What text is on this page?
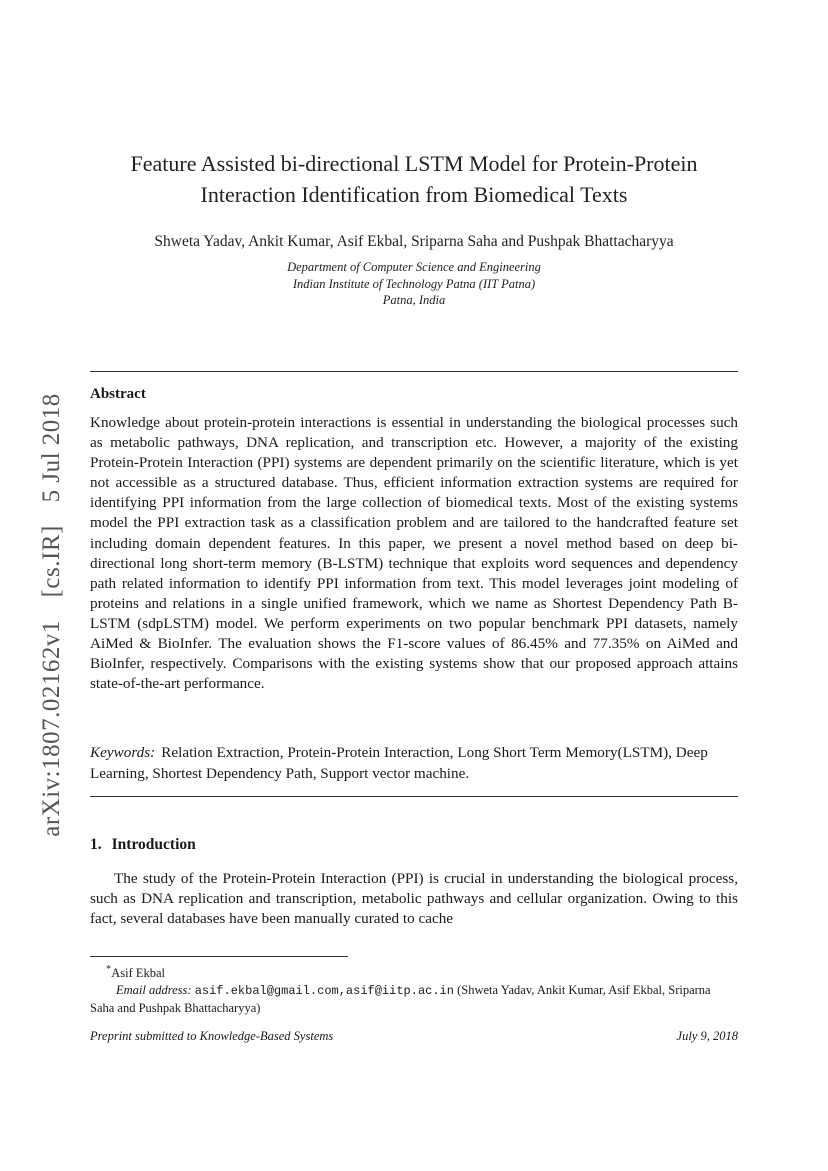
arXiv:1807.02162v1 [cs.IR] 5 Jul 2018
Feature Assisted bi-directional LSTM Model for Protein-Protein
Interaction Identification from Biomedical Texts
Shweta Yadav, Ankit Kumar, Asif Ekbal, Sriparna Saha and Pushpak Bhattacharyya
Department of Computer Science and Engineering
Indian Institute of Technology Patna (IIT Patna)
Patna, India
Abstract
Knowledge about protein-protein interactions is essential in understanding the biological processes such as metabolic pathways, DNA replication, and transcription etc. However, a majority of the existing Protein-Protein Interaction (PPI) systems are dependent primarily on the scientific literature, which is yet not accessible as a structured database. Thus, efficient information extraction systems are required for identifying PPI information from the large collection of biomedical texts. Most of the existing systems model the PPI extraction task as a classification problem and are tailored to the handcrafted feature set including domain dependent features. In this paper, we present a novel method based on deep bi-directional long short-term memory (B-LSTM) technique that exploits word sequences and dependency path related information to identify PPI information from text. This model leverages joint modeling of proteins and relations in a single unified framework, which we name as Shortest Dependency Path B-LSTM (sdpLSTM) model. We perform experiments on two popular benchmark PPI datasets, namely AiMed & BioInfer. The evaluation shows the F1-score values of 86.45% and 77.35% on AiMed and BioInfer, respectively. Comparisons with the existing systems show that our proposed approach attains state-of-the-art performance.
Keywords: Relation Extraction, Protein-Protein Interaction, Long Short Term Memory(LSTM), Deep Learning, Shortest Dependency Path, Support vector machine.
1. Introduction
The study of the Protein-Protein Interaction (PPI) is crucial in understanding the biological process, such as DNA replication and transcription, metabolic pathways and cellular organization. Owing to this fact, several databases have been manually curated to cache
*Asif Ekbal
Email address: asif.ekbal@gmail.com,asif@iitp.ac.in (Shweta Yadav, Ankit Kumar, Asif Ekbal, Sriparna Saha and Pushpak Bhattacharyya)
Preprint submitted to Knowledge-Based Systems	July 9, 2018
